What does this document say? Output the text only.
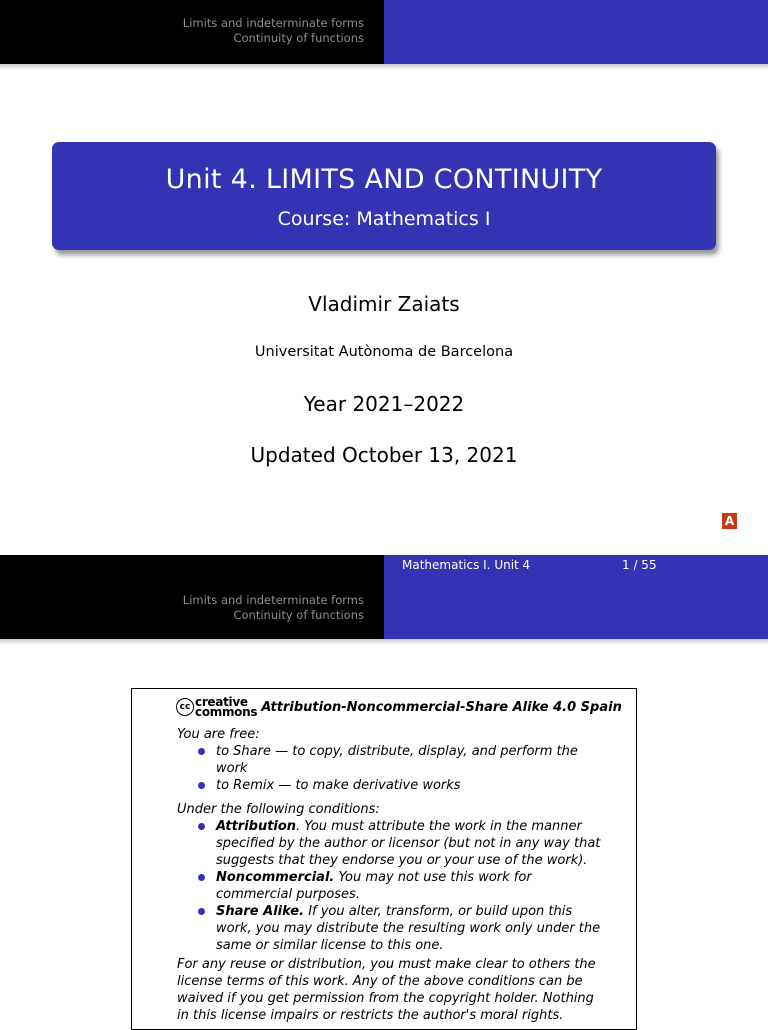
Limits and indeterminate forms
Continuity of functions
Unit 4. LIMITS AND CONTINUITY
Course: Mathematics I
Vladimir Zaiats
Universitat Autònoma de Barcelona
Year 2021–2022
Updated October 13, 2021
A
Mathematics I. Unit 4	1 / 55
Limits and indeterminate forms
Continuity of functions
cc creative
commons Attribution-Noncommercial-Share Alike 4.0 Spain

You are free:

to Share — to copy, distribute, display, and perform the work
to Remix — to make derivative works

Under the following conditions:

Attribution. You must attribute the work in the manner specified by the author or licensor (but not in any way that suggests that they endorse you or your use of the work).
Noncommercial. You may not use this work for commercial purposes.
Share Alike. If you alter, transform, or build upon this work, you may distribute the resulting work only under the same or similar license to this one.

For any reuse or distribution, you must make clear to others the license terms of this work. Any of the above conditions can be waived if you get permission from the copyright holder. Nothing in this license impairs or restricts the author's moral rights.
